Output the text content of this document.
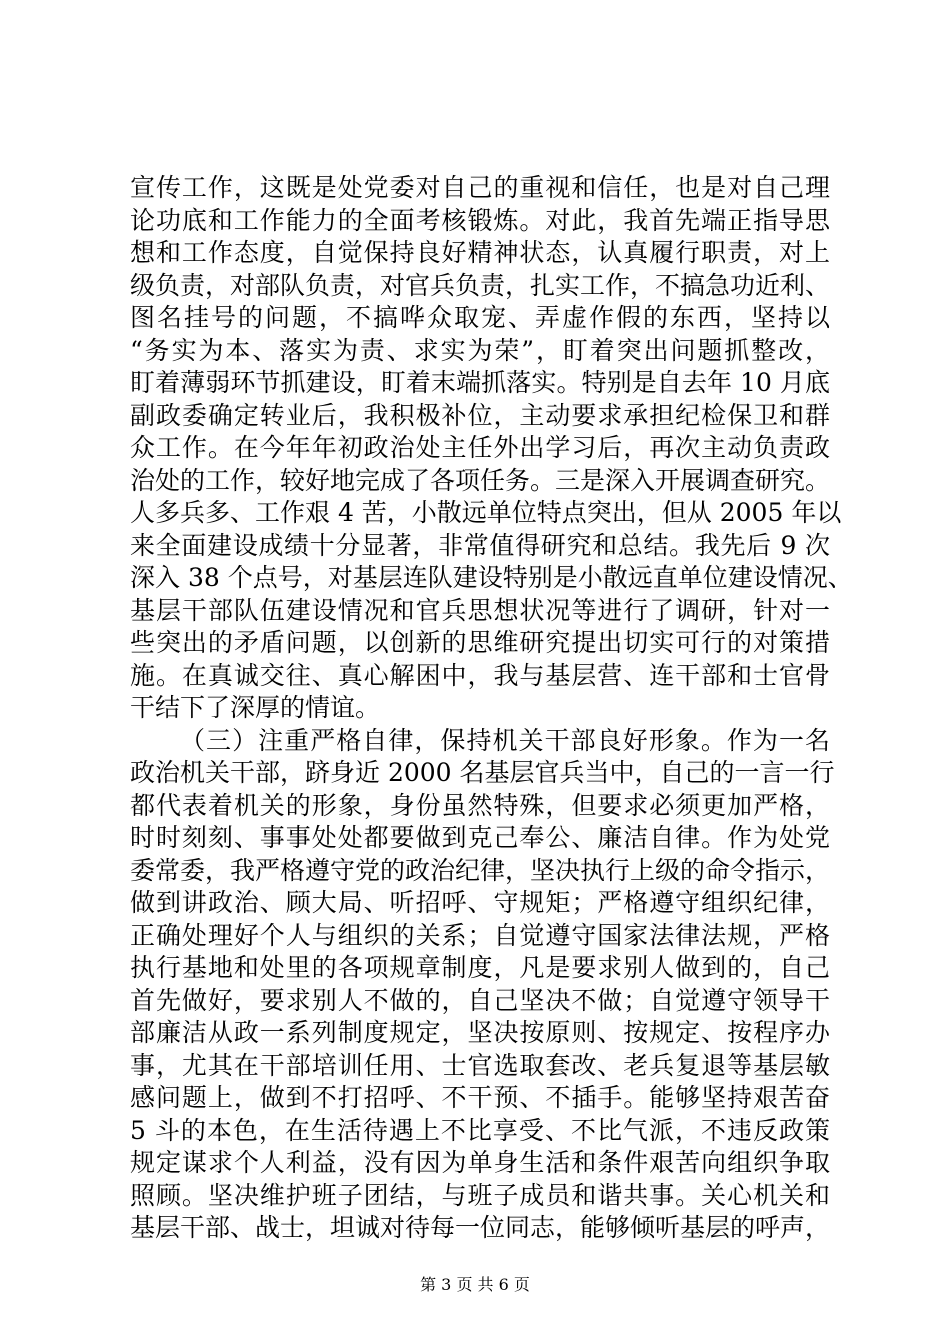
宣传工作，这既是处党委对自己的重视和信任，也是对自己理
论功底和工作能力的全面考核锻炼。对此，我首先端正指导思
想和工作态度，自觉保持良好精神状态，认真履行职责，对上
级负责，对部队负责，对官兵负责，扎实工作，不搞急功近利、
图名挂号的问题，不搞哗众取宠、弄虚作假的东西，坚持以
“务实为本、落实为责、求实为荣”，盯着突出问题抓整改，
盯着薄弱环节抓建设，盯着末端抓落实。特别是自去年 10 月底
副政委确定转业后，我积极补位，主动要求承担纪检保卫和群
众工作。在今年年初政治处主任外出学习后，再次主动负责政
治处的工作，较好地完成了各项任务。三是深入开展调查研究。
人多兵多、工作艰 4 苦，小散远单位特点突出，但从 2005 年以
来全面建设成绩十分显著，非常值得研究和总结。我先后 9 次
深入 38 个点号，对基层连队建设特别是小散远直单位建设情况、
基层干部队伍建设情况和官兵思想状况等进行了调研，针对一
些突出的矛盾问题，以创新的思维研究提出切实可行的对策措
施。在真诚交往、真心解困中，我与基层营、连干部和士官骨
干结下了深厚的情谊。
（三）注重严格自律，保持机关干部良好形象。作为一名
政治机关干部，跻身近 2000 名基层官兵当中，自己的一言一行
都代表着机关的形象，身份虽然特殊，但要求必须更加严格，
时时刻刻、事事处处都要做到克己奉公、廉洁自律。作为处党
委常委，我严格遵守党的政治纪律，坚决执行上级的命令指示，
做到讲政治、顾大局、听招呼、守规矩；严格遵守组织纪律，
正确处理好个人与组织的关系；自觉遵守国家法律法规，严格
执行基地和处里的各项规章制度，凡是要求别人做到的，自己
首先做好，要求别人不做的，自己坚决不做；自觉遵守领导干
部廉洁从政一系列制度规定，坚决按原则、按规定、按程序办
事，尤其在干部培训任用、士官选取套改、老兵复退等基层敏
感问题上，做到不打招呼、不干预、不插手。能够坚持艰苦奋
5 斗的本色，在生活待遇上不比享受、不比气派，不违反政策
规定谋求个人利益，没有因为单身生活和条件艰苦向组织争取
照顾。坚决维护班子团结，与班子成员和谐共事。关心机关和
基层干部、战士，坦诚对待每一位同志，能够倾听基层的呼声，
第 3 页 共 6 页
